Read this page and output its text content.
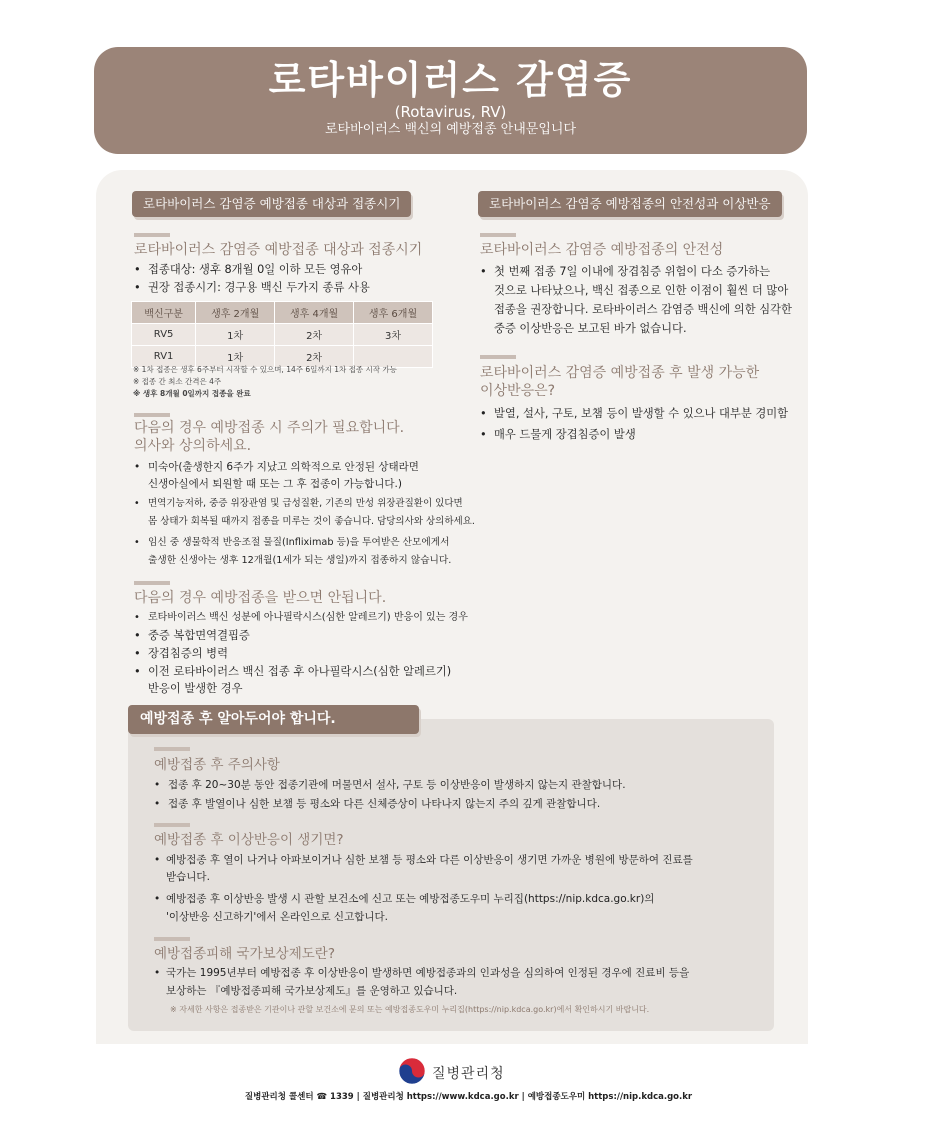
로타바이러스 감염증
(Rotavirus, RV)
로타바이러스 백신의 예방접종 안내문입니다
로타바이러스 감염증 예방접종 대상과 접종시기
로타바이러스 감염증 예방접종 대상과 접종시기
• 접종대상: 생후 8개월 0일 이하 모든 영유아
• 권장 접종시기: 경구용 백신 두가지 종류 사용
백신구분	생후 2개월	생후 4개월	생후 6개월
RV5	1차	2차	3차
RV1	1차	2차	
※ 1차 접종은 생후 6주부터 시작할 수 있으며, 14주 6일까지 1차 접종 시작 가능
※ 접종 간 최소 간격은 4주
※ 생후 8개월 0일까지 접종을 완료
다음의 경우 예방접종 시 주의가 필요합니다.
의사와 상의하세요.
• 미숙아(출생한지 6주가 지났고 의학적으로 안정된 상태라면
신생아실에서 퇴원할 때 또는 그 후 접종이 가능합니다.)
• 면역기능저하, 중증 위장관염 및 급성질환, 기존의 만성 위장관질환이 있다면
몸 상태가 회복될 때까지 접종을 미루는 것이 좋습니다. 담당의사와 상의하세요.
• 임신 중 생물학적 반응조절 물질(Infliximab 등)을 투여받은 산모에게서
출생한 신생아는 생후 12개월(1세가 되는 생일)까지 접종하지 않습니다.
다음의 경우 예방접종을 받으면 안됩니다.
• 로타바이러스 백신 성분에 아나필락시스(심한 알레르기) 반응이 있는 경우
• 중증 복합면역결핍증
• 장겹침증의 병력
• 이전 로타바이러스 백신 접종 후 아나필락시스(심한 알레르기)
반응이 발생한 경우
로타바이러스 감염증 예방접종의 안전성과 이상반응
로타바이러스 감염증 예방접종의 안전성
• 첫 번째 접종 7일 이내에 장겹침증 위험이 다소 증가하는
것으로 나타났으나, 백신 접종으로 인한 이점이 훨씬 더 많아
접종을 권장합니다. 로타바이러스 감염증 백신에 의한 심각한
중증 이상반응은 보고된 바가 없습니다.
로타바이러스 감염증 예방접종 후 발생 가능한
이상반응은?
• 발열, 설사, 구토, 보챔 등이 발생할 수 있으나 대부분 경미함
• 매우 드물게 장겹침증이 발생
예방접종 후 알아두어야 합니다.
예방접종 후 주의사항
• 접종 후 20~30분 동안 접종기관에 머물면서 설사, 구토 등 이상반응이 발생하지 않는지 관찰합니다.
• 접종 후 발열이나 심한 보챔 등 평소와 다른 신체증상이 나타나지 않는지 주의 깊게 관찰합니다.
예방접종 후 이상반응이 생기면?
• 예방접종 후 열이 나거나 아파보이거나 심한 보챔 등 평소와 다른 이상반응이 생기면 가까운 병원에 방문하여 진료를
받습니다.
• 예방접종 후 이상반응 발생 시 관할 보건소에 신고 또는 예방접종도우미 누리집(https://nip.kdca.go.kr)의
'이상반응 신고하기'에서 온라인으로 신고합니다.
예방접종피해 국가보상제도란?
• 국가는 1995년부터 예방접종 후 이상반응이 발생하면 예방접종과의 인과성을 심의하여 인정된 경우에 진료비 등을
보상하는 『예방접종피해 국가보상제도』를 운영하고 있습니다.
※ 자세한 사항은 접종받은 기관이나 관할 보건소에 문의 또는 예방접종도우미 누리집(https://nip.kdca.go.kr)에서 확인하시기 바랍니다.
질병관리청
질병관리청 콜센터 ☎ 1339 | 질병관리청 https://www.kdca.go.kr | 예방접종도우미 https://nip.kdca.go.kr
